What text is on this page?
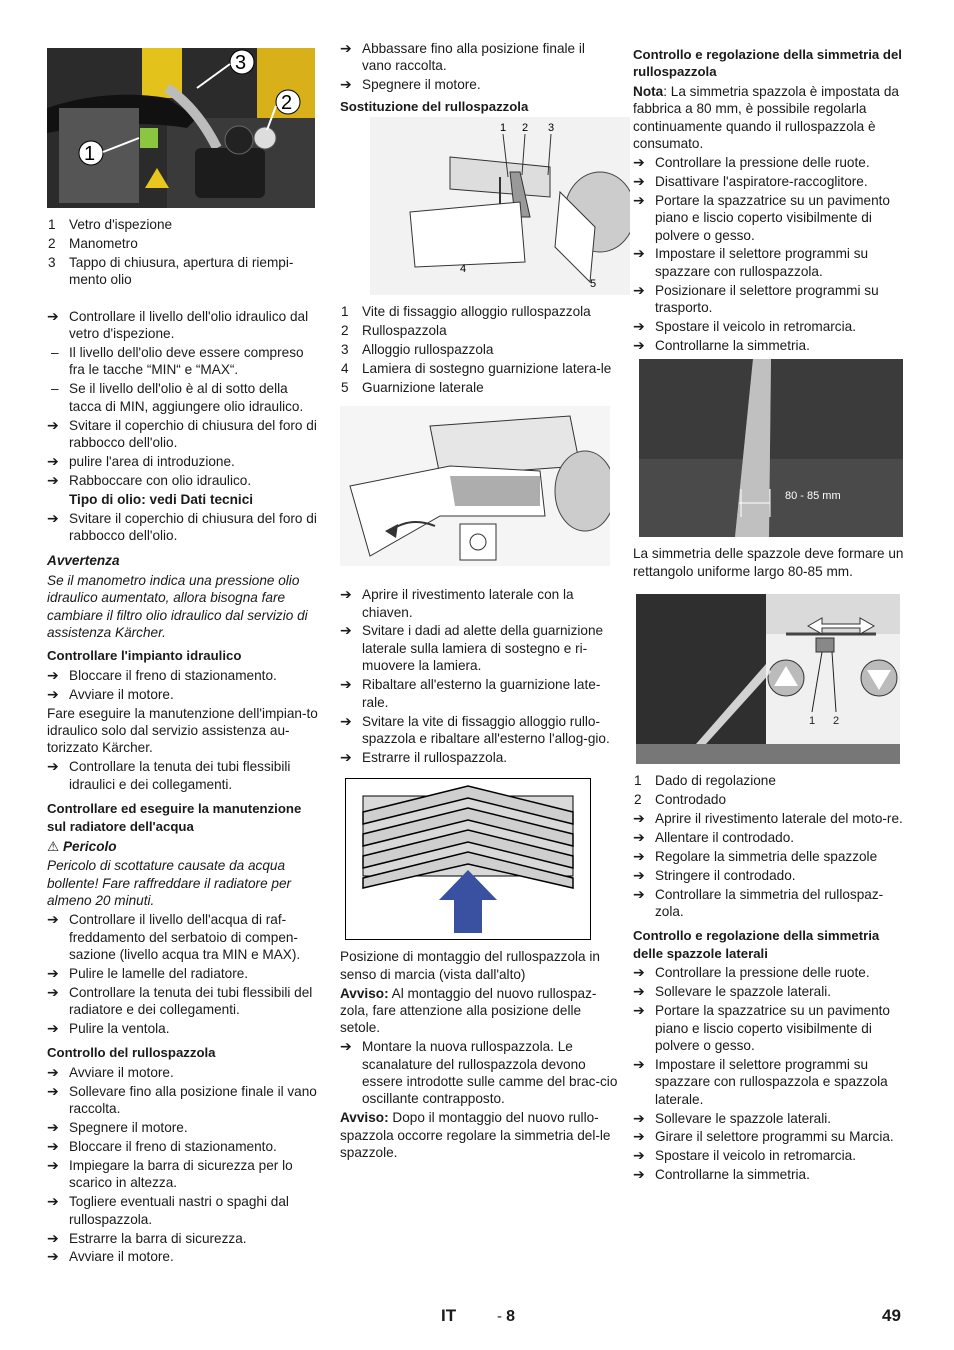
1
2
3
1 Vetro d'ispezione
2 Manometro
3 Tappo di chiusura, apertura di riempi-mento olio
➔ Controllare il livello dell'olio idraulico dal vetro d'ispezione.
– Il livello dell'olio deve essere compreso fra le tacche “MIN“ e “MAX“.
– Se il livello dell'olio è al di sotto della tacca di MIN, aggiungere olio idraulico.
➔ Svitare il coperchio di chiusura del foro di rabbocco dell'olio.
➔ pulire l'area di introduzione.
➔ Rabboccare con olio idraulico.
Tipo di olio: vedi Dati tecnici
➔ Svitare il coperchio di chiusura del foro di rabbocco dell'olio.
Avvertenza
Se il manometro indica una pressione olio idraulico aumentato, allora bisogna fare cambiare il filtro olio idraulico dal servizio di assistenza Kärcher.
Controllare l'impianto idraulico
➔ Bloccare il freno di stazionamento.
➔ Avviare il motore.
Fare eseguire la manutenzione dell'impian-to idraulico solo dal servizio assistenza au-torizzato Kärcher.
➔ Controllare la tenuta dei tubi flessibili idraulici e dei collegamenti.
Controllare ed eseguire la manutenzione sul radiatore dell'acqua
⚠ Pericolo
Pericolo di scottature causate da acqua bollente! Fare raffreddare il radiatore per almeno 20 minuti.
➔ Controllare il livello dell'acqua di raf-freddamento del serbatoio di compen-sazione (livello acqua tra MIN e MAX).
➔ Pulire le lamelle del radiatore.
➔ Controllare la tenuta dei tubi flessibili del radiatore e dei collegamenti.
➔ Pulire la ventola.
Controllo del rullospazzola
➔ Avviare il motore.
➔ Sollevare fino alla posizione finale il vano raccolta.
➔ Spegnere il motore.
➔ Bloccare il freno di stazionamento.
➔ Impiegare la barra di sicurezza per lo scarico in altezza.
➔ Togliere eventuali nastri o spaghi dal rullospazzola.
➔ Estrarre la barra di sicurezza.
➔ Avviare il motore.
➔ Abbassare fino alla posizione finale il vano raccolta.
➔ Spegnere il motore.
Sostituzione del rullospazzola
1 2 3
4
5
1 Vite di fissaggio alloggio rullospazzola
2 Rullospazzola
3 Alloggio rullospazzola
4 Lamiera di sostegno guarnizione latera-le
5 Guarnizione laterale
➔ Aprire il rivestimento laterale con la chiaven.
➔ Svitare i dadi ad alette della guarnizione laterale sulla lamiera di sostegno e ri-muovere la lamiera.
➔ Ribaltare all'esterno la guarnizione late-rale.
➔ Svitare la vite di fissaggio alloggio rullo-spazzola e ribaltare all'esterno l'allog-gio.
➔ Estrarre il rullospazzola.
Posizione di montaggio del rullospazzola in senso di marcia (vista dall'alto)
Avviso: Al montaggio del nuovo rullospaz-zola, fare attenzione alla posizione delle setole.
➔ Montare la nuova rullospazzola. Le scanalature del rullospazzola devono essere introdotte sulle camme del brac-cio oscillante contrapposto.
Avviso: Dopo il montaggio del nuovo rullo-spazzola occorre regolare la simmetria del-le spazzole.
Controllo e regolazione della simmetria del rullospazzola
Nota: La simmetria spazzola è impostata da fabbrica a 80 mm, è possibile regolarla continuamente quando il rullospazzola è consumato.
➔ Controllare la pressione delle ruote.
➔ Disattivare l'aspiratore-raccoglitore.
➔ Portare la spazzatrice su un pavimento piano e liscio coperto visibilmente di polvere o gesso.
➔ Impostare il selettore programmi su spazzare con rullospazzola.
➔ Posizionare il selettore programmi su trasporto.
➔ Spostare il veicolo in retromarcia.
➔ Controllarne la simmetria.
80 - 85 mm
La simmetria delle spazzole deve formare un rettangolo uniforme largo 80-85 mm.
1 2
1 Dado di regolazione
2 Controdado
➔ Aprire il rivestimento laterale del moto-re.
➔ Allentare il controdado.
➔ Regolare la simmetria delle spazzole
➔ Stringere il controdado.
➔ Controllare la simmetria del rullospaz-zola.
Controllo e regolazione della simmetria delle spazzole laterali
➔ Controllare la pressione delle ruote.
➔ Sollevare le spazzole laterali.
➔ Portare la spazzatrice su un pavimento piano e liscio coperto visibilmente di polvere o gesso.
➔ Impostare il selettore programmi su spazzare con rullospazzola e spazzola laterale.
➔ Sollevare le spazzole laterali.
➔ Girare il selettore programmi su Marcia.
➔ Spostare il veicolo in retromarcia.
➔ Controllarne la simmetria.
IT	- 8	49
